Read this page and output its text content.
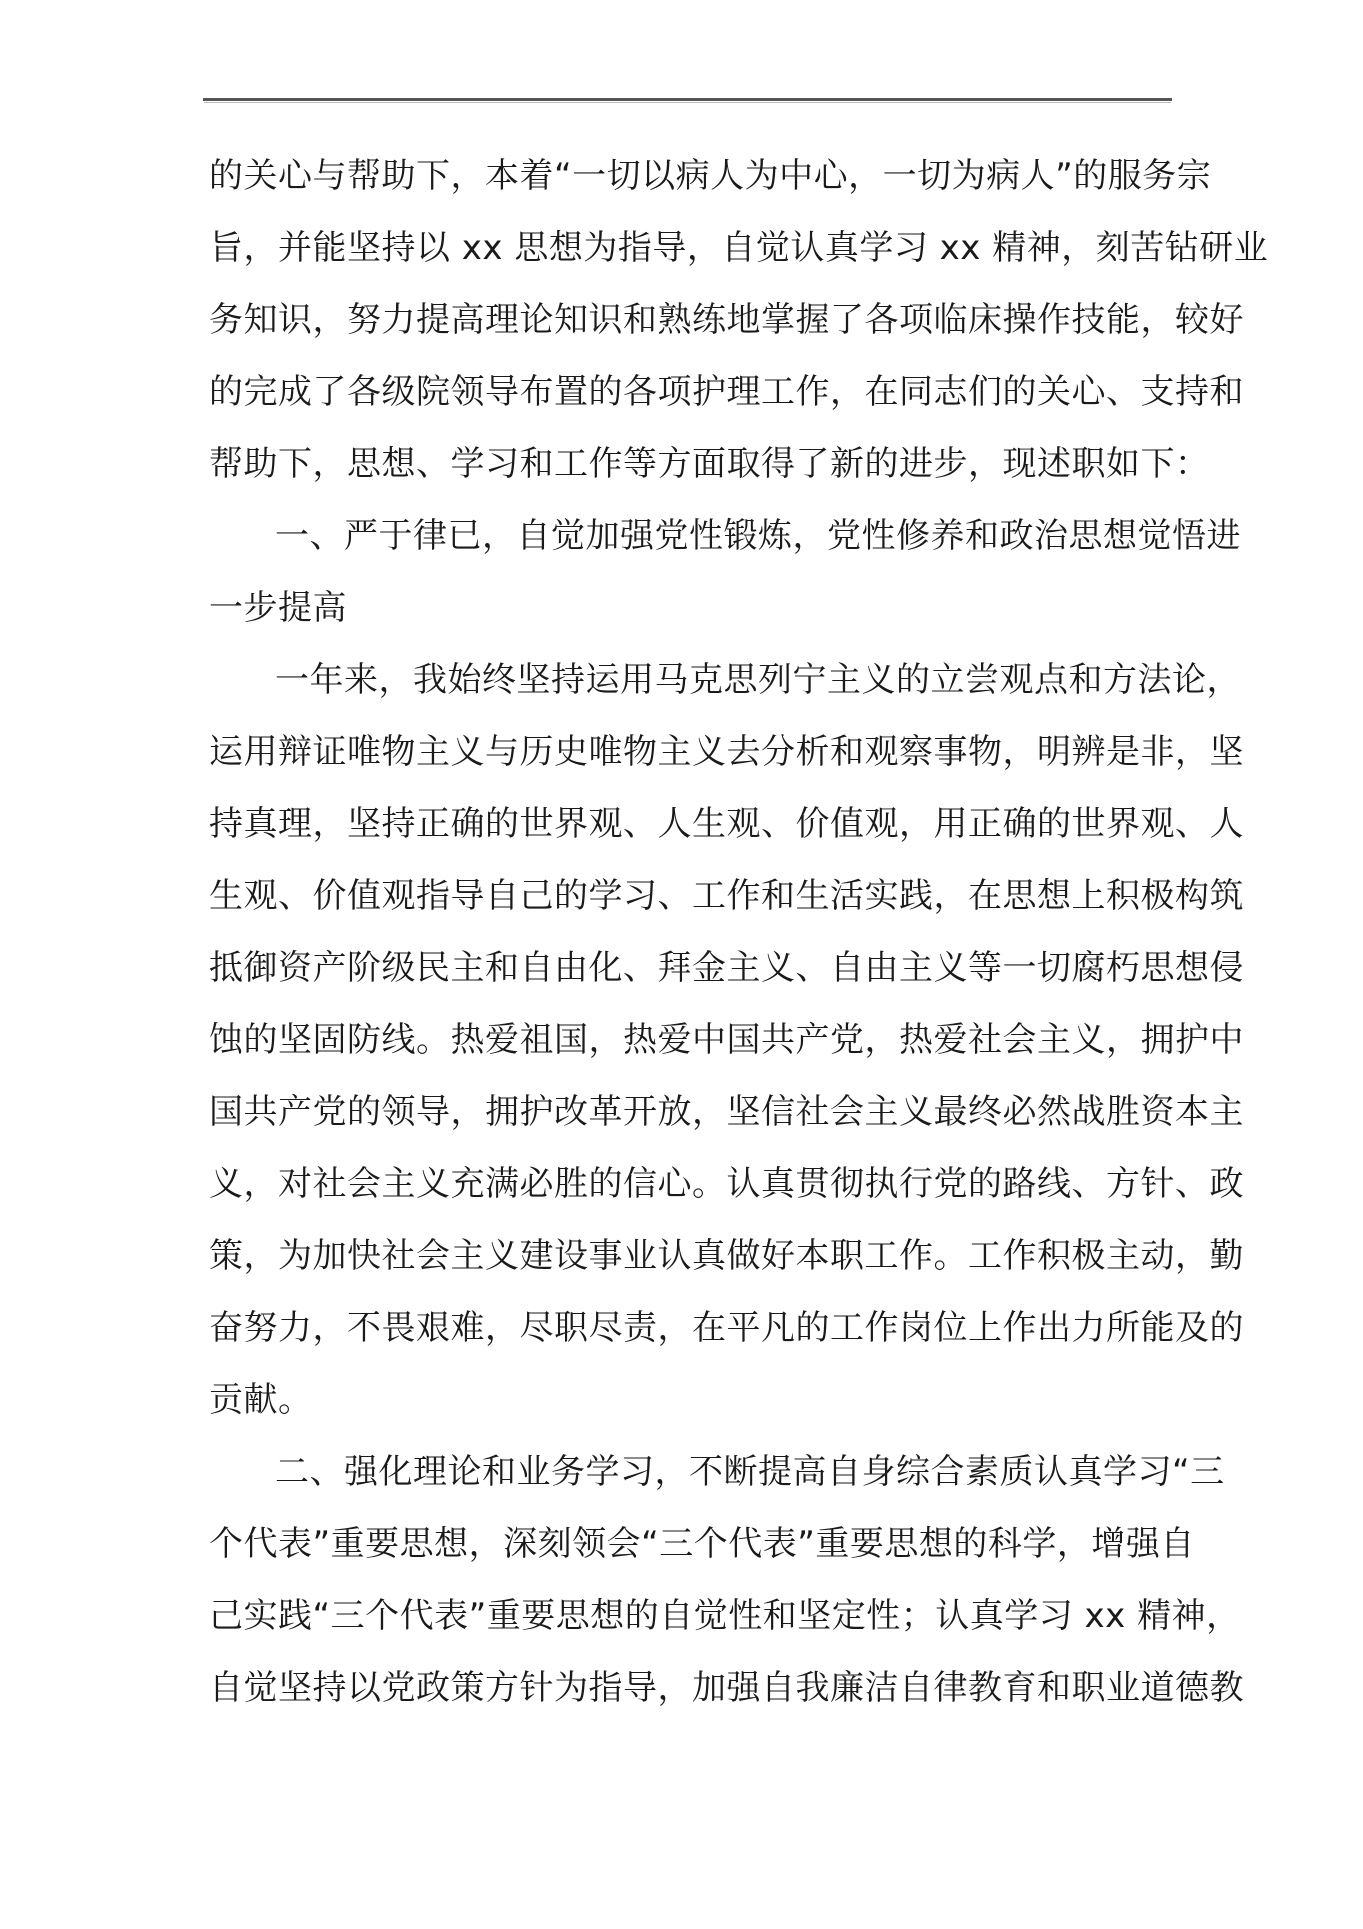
的关心与帮助下，本着“一切以病人为中心，一切为病人”的服务宗
旨，并能坚持以 xx 思想为指导，自觉认真学习 xx 精神，刻苦钻研业
务知识，努力提高理论知识和熟练地掌握了各项临床操作技能，较好
的完成了各级院领导布置的各项护理工作，在同志们的关心、支持和
帮助下，思想、学习和工作等方面取得了新的进步，现述职如下：
一、严于律已，自觉加强党性锻炼，党性修养和政治思想觉悟进
一步提高
一年来，我始终坚持运用马克思列宁主义的立尝观点和方法论，
运用辩证唯物主义与历史唯物主义去分析和观察事物，明辨是非，坚
持真理，坚持正确的世界观、人生观、价值观，用正确的世界观、人
生观、价值观指导自己的学习、工作和生活实践，在思想上积极构筑
抵御资产阶级民主和自由化、拜金主义、自由主义等一切腐朽思想侵
蚀的坚固防线。热爱祖国，热爱中国共产党，热爱社会主义，拥护中
国共产党的领导，拥护改革开放，坚信社会主义最终必然战胜资本主
义，对社会主义充满必胜的信心。认真贯彻执行党的路线、方针、政
策，为加快社会主义建设事业认真做好本职工作。工作积极主动，勤
奋努力，不畏艰难，尽职尽责，在平凡的工作岗位上作出力所能及的
贡献。
二、强化理论和业务学习，不断提高自身综合素质认真学习“三
个代表”重要思想，深刻领会“三个代表”重要思想的科学，增强自
己实践“三个代表”重要思想的自觉性和坚定性；认真学习 xx 精神，
自觉坚持以党政策方针为指导，加强自我廉洁自律教育和职业道德教
